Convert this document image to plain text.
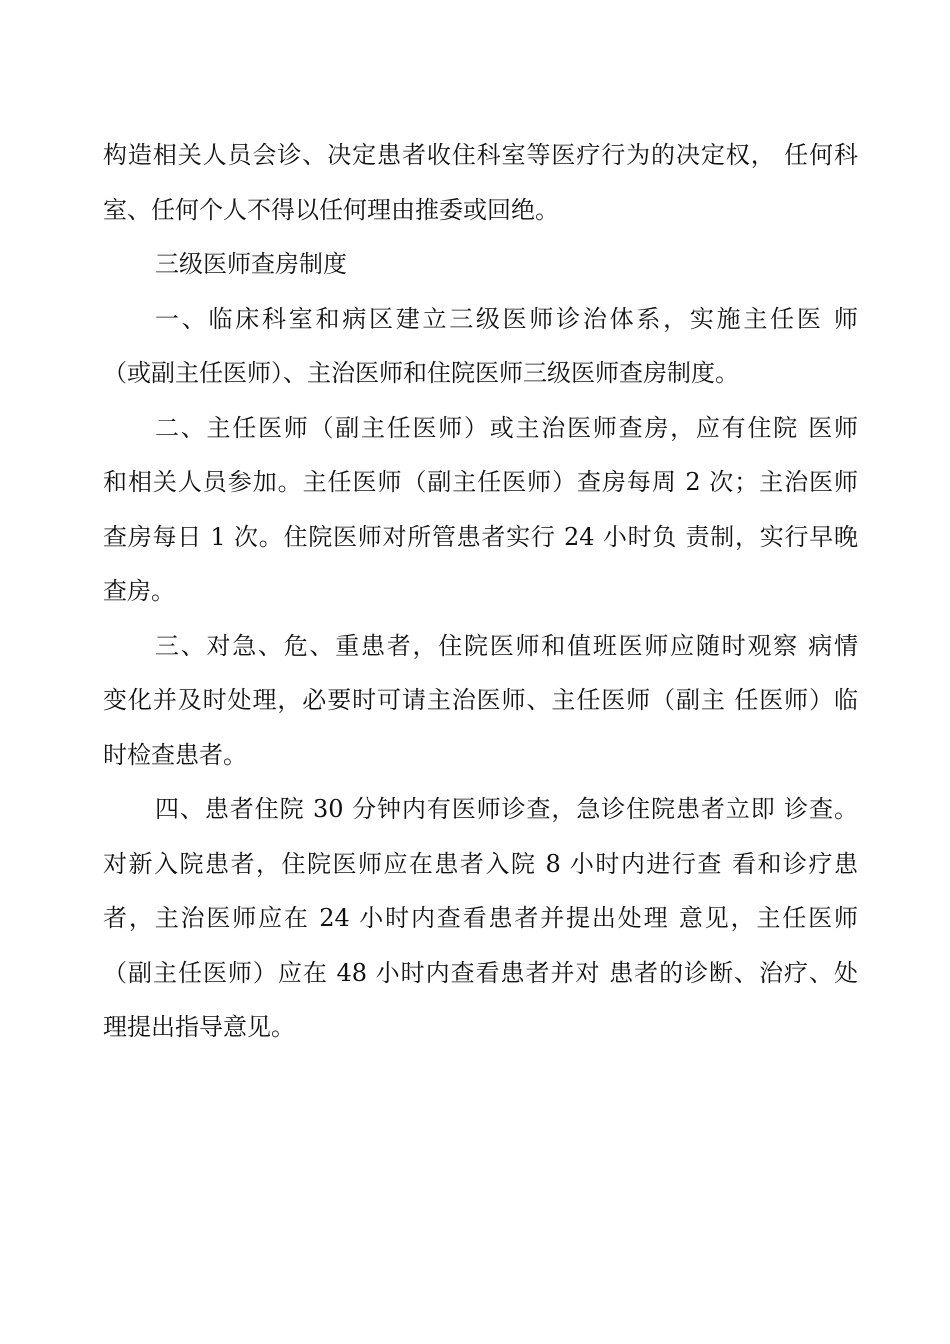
构造相关人员会诊、决定患者收住科室等医疗行为的决定权， 任何科
室、任何个人不得以任何理由推委或回绝。

三级医师查房制度

一、临床科室和病区建立三级医师诊治体系，实施主任医 师
（或副主任医师）、主治医师和住院医师三级医师查房制度。

二、主任医师（副主任医师）或主治医师查房，应有住院 医师
和相关人员参加。主任医师（副主任医师）查房每周 2 次；主治医师
查房每日 1 次。住院医师对所管患者实行 24 小时负 责制，实行早晚
查房。

三、对急、危、重患者，住院医师和值班医师应随时观察 病情
变化并及时处理，必要时可请主治医师、主任医师（副主 任医师）临
时检查患者。

四、患者住院 30 分钟内有医师诊查，急诊住院患者立即 诊查。
对新入院患者，住院医师应在患者入院 8 小时内进行查 看和诊疗患
者，主治医师应在 24 小时内查看患者并提出处理 意见，主任医师
（副主任医师）应在 48 小时内查看患者并对 患者的诊断、治疗、处
理提出指导意见。
